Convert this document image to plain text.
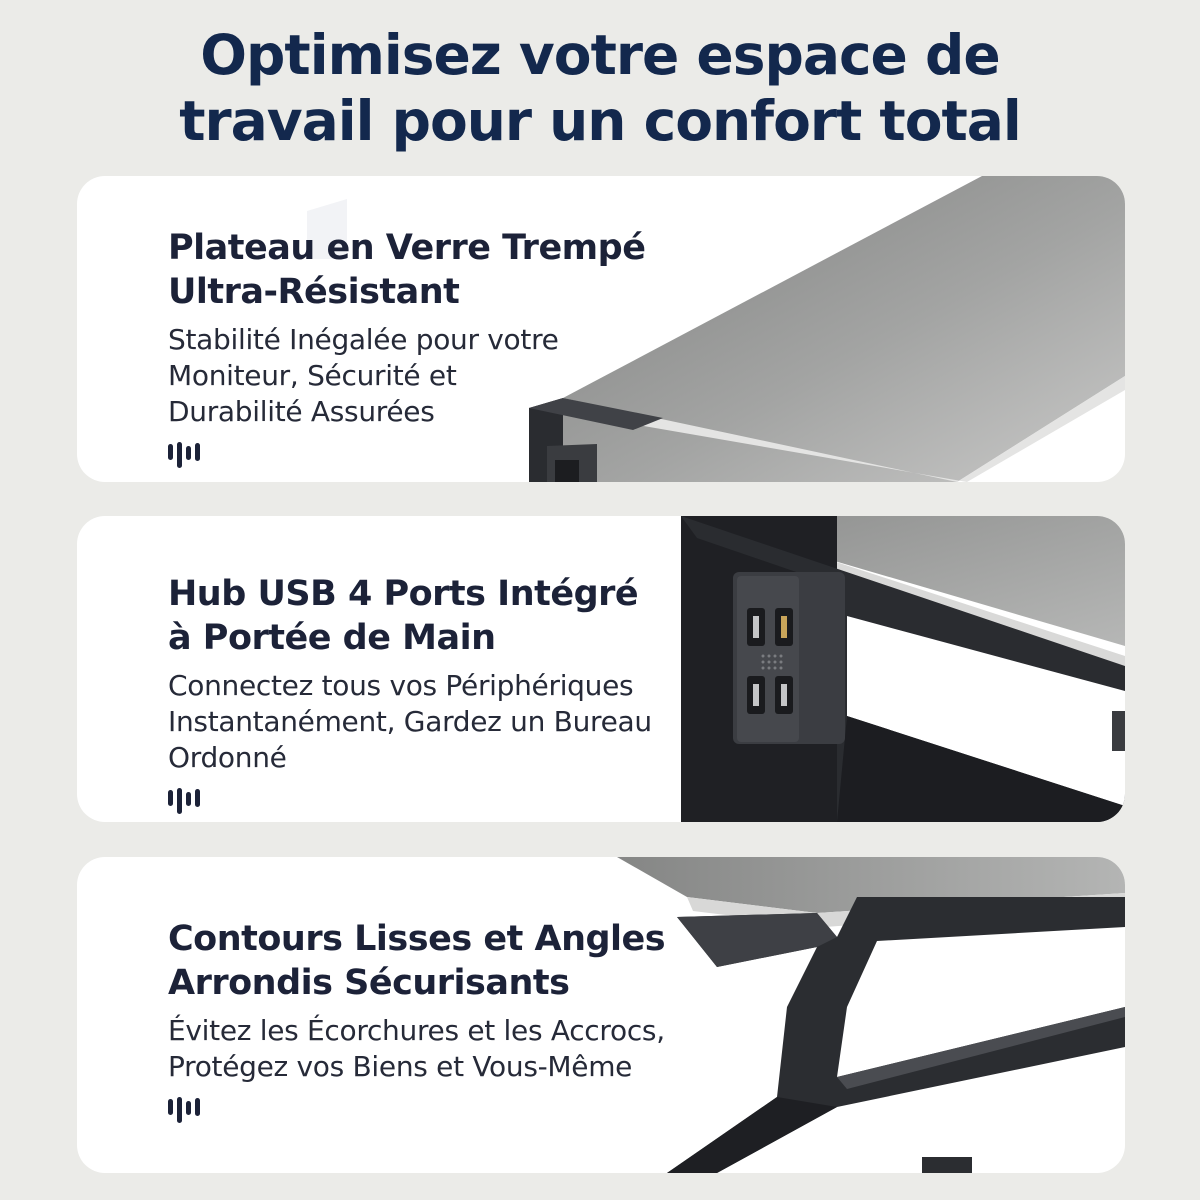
Optimisez votre espace de
travail pour un confort total
Plateau en Verre Trempé
Ultra-Résistant

Stabilité Inégalée pour votre
Moniteur, Sécurité et
Durabilité Assurées

Hub USB 4 Ports Intégré
à Portée de Main

Connectez tous vos Périphériques
Instantanément, Gardez un Bureau
Ordonné

Contours Lisses et Angles
Arrondis Sécurisants

Évitez les Écorchures et les Accrocs,
Protégez vos Biens et Vous-Même
